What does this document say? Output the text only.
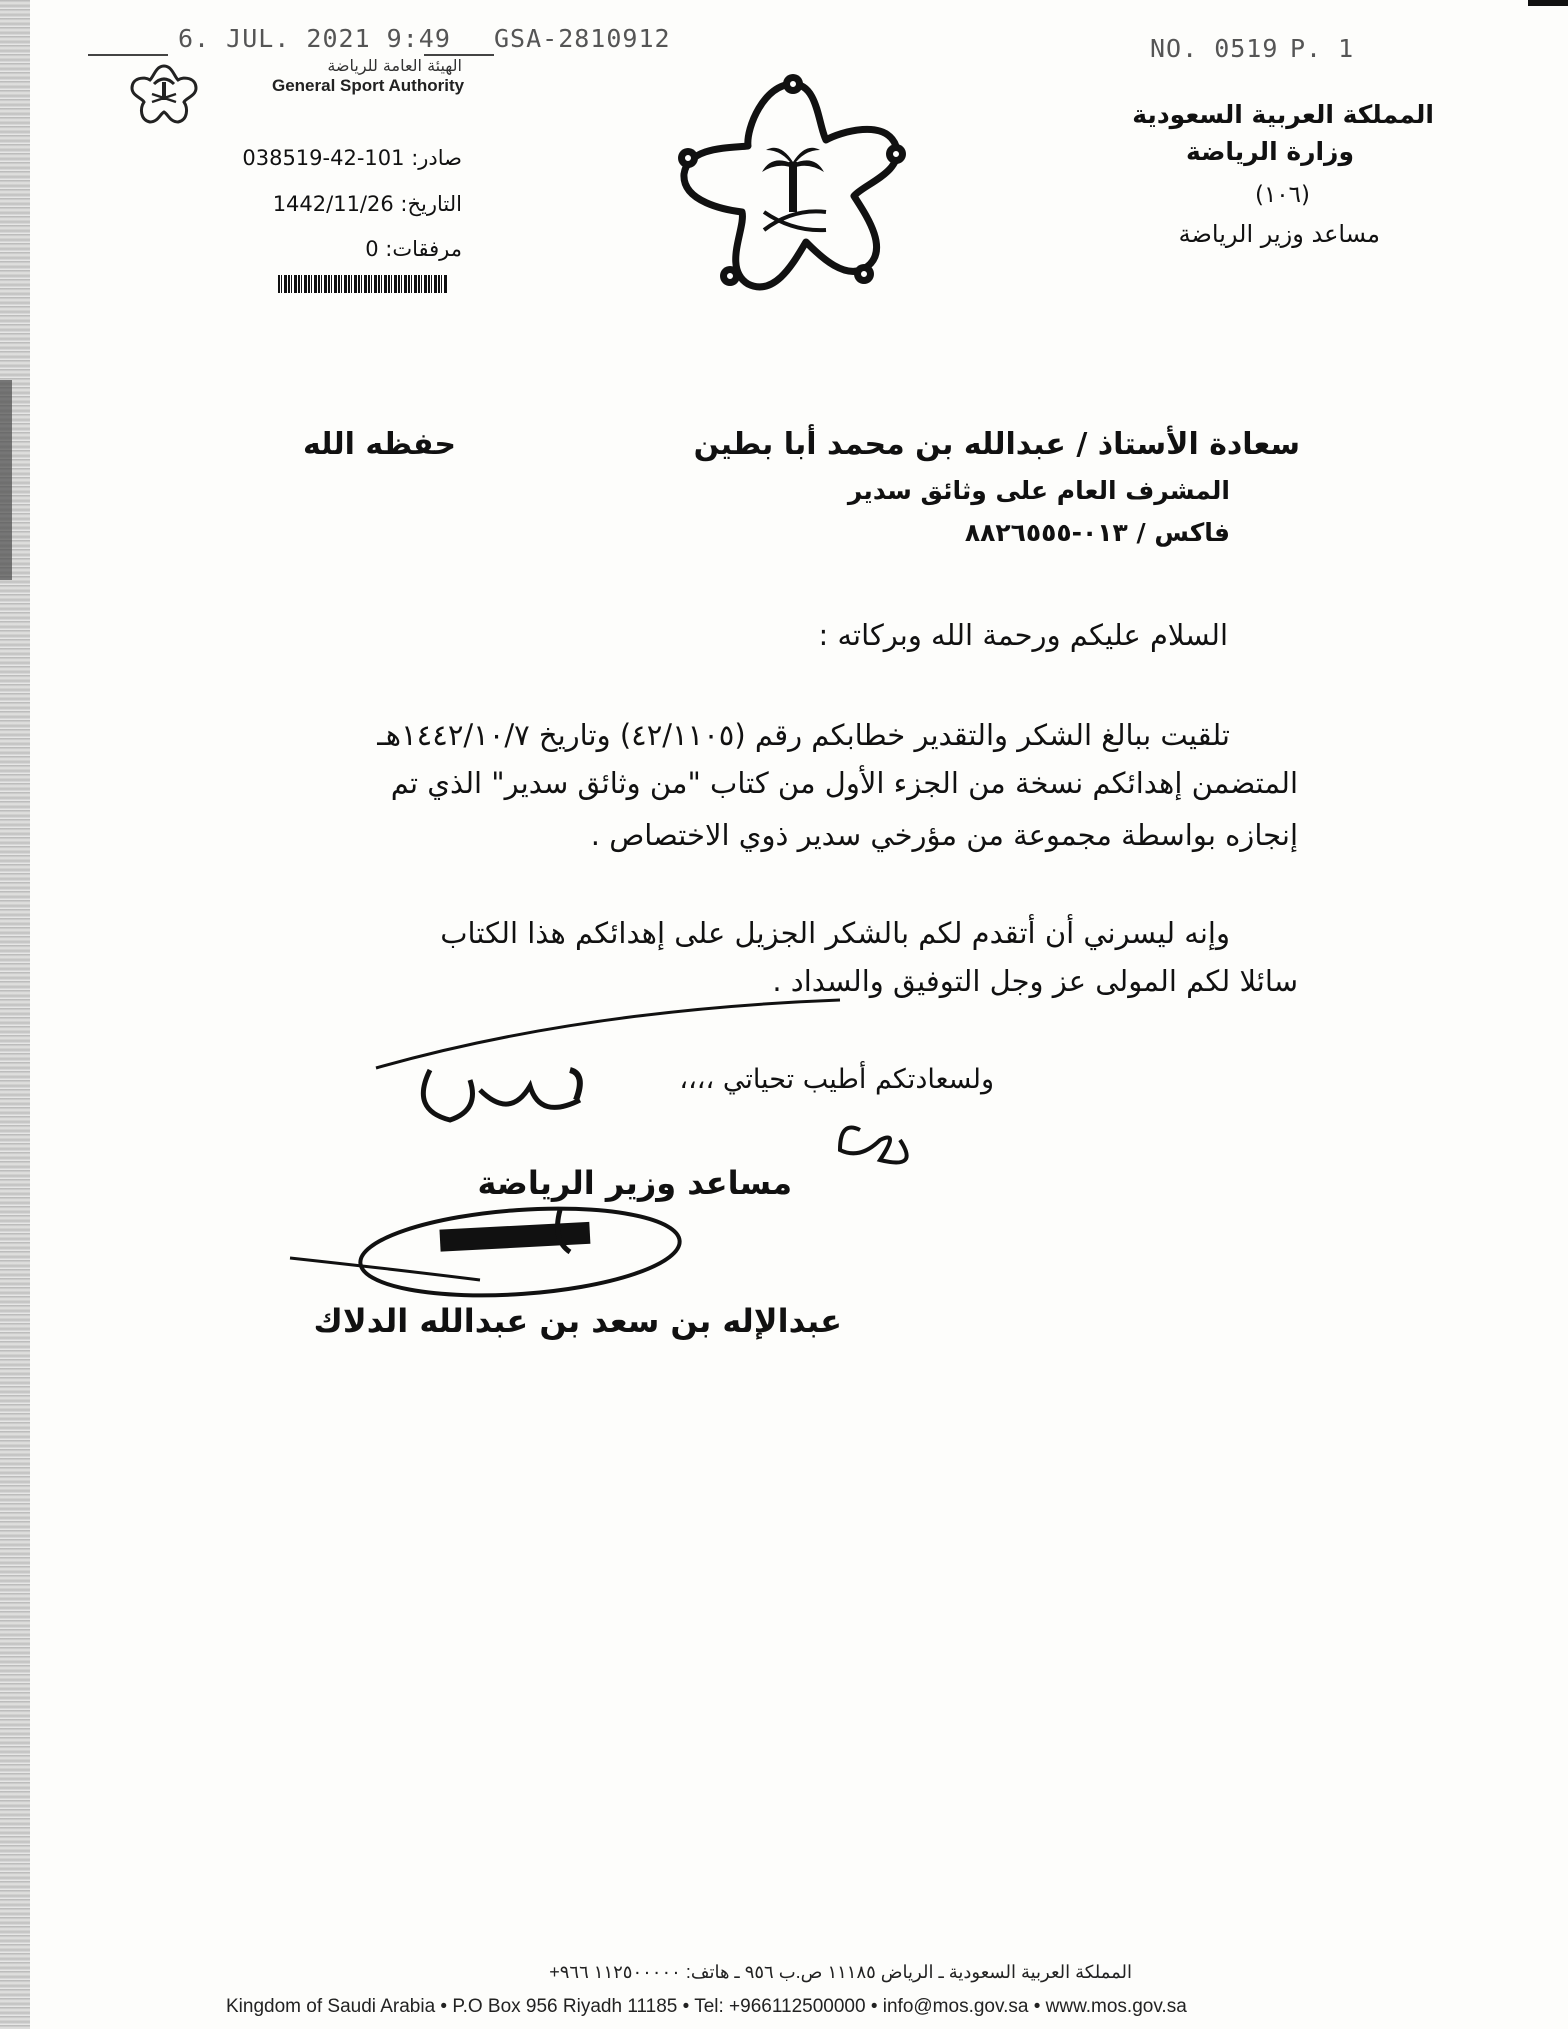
6. JUL. 2021 9:49 GSA-2810912	NO. 0519 P. 1
الهيئة العامة للرياضة
General Sport Authority
صادر: 101-42-038519
التاريخ: 1442/11/26
مرفقات: 0
المملكة العربية السعودية
وزارة الرياضة
(١٠٦)
مساعد وزير الرياضة
سعادة الأستاذ / عبدالله بن محمد أبا بطين
حفظه الله
المشرف العام على وثائق سدير
فاكس / ٠١٣-٨٨٢٦٥٥٥
السلام عليكم ورحمة الله وبركاته :
تلقيت ببالغ الشكر والتقدير خطابكم رقم (٤٢/١١٠٥) وتاريخ ١٤٤٢/١٠/٧هـ
المتضمن إهدائكم نسخة من الجزء الأول من كتاب "من وثائق سدير" الذي تم
إنجازه بواسطة مجموعة من مؤرخي سدير ذوي الاختصاص .
وإنه ليسرني أن أتقدم لكم بالشكر الجزيل على إهدائكم هذا الكتاب
سائلا لكم المولى عز وجل التوفيق والسداد .
ولسعادتكم أطيب تحياتي ،،،،
مساعد وزير الرياضة
عبدالإله بن سعد بن عبدالله الدلاك
المملكة العربية السعودية ـ الرياض ١١١٨٥ ص.ب ٩٥٦ ـ هاتف: ١١٢٥٠٠٠٠٠ ٩٦٦+
Kingdom of Saudi Arabia • P.O Box 956 Riyadh 11185 • Tel: +966112500000 • info@mos.gov.sa • www.mos.gov.sa
